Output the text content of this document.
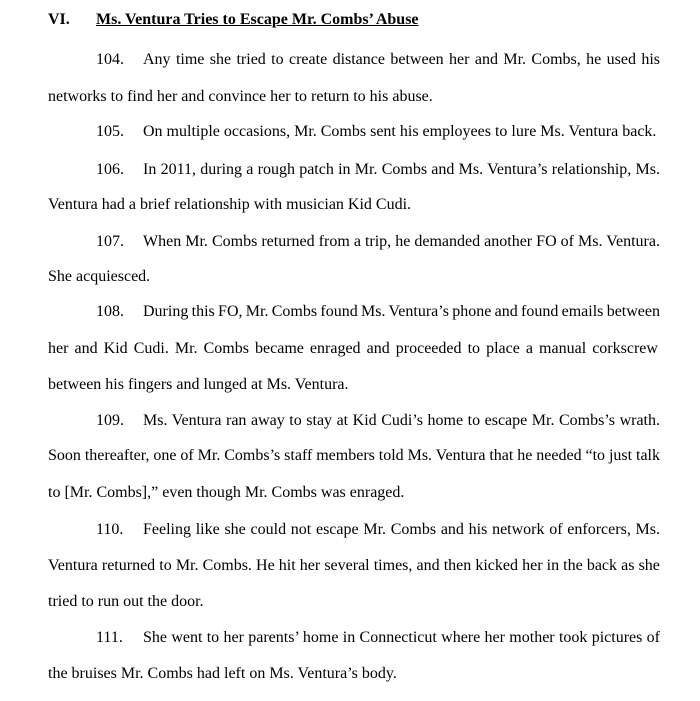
VI. Ms. Ventura Tries to Escape Mr. Combs’ Abuse
104. Any time she tried to create distance between her and Mr. Combs, he used his
networks to find her and convince her to return to his abuse.
105. On multiple occasions, Mr. Combs sent his employees to lure Ms. Ventura back.
106. In 2011, during a rough patch in Mr. Combs and Ms. Ventura’s relationship, Ms.
Ventura had a brief relationship with musician Kid Cudi.
107. When Mr. Combs returned from a trip, he demanded another FO of Ms. Ventura.
She acquiesced.
108. During this FO, Mr. Combs found Ms. Ventura’s phone and found emails between
her and Kid Cudi. Mr. Combs became enraged and proceeded to place a manual corkscrew
between his fingers and lunged at Ms. Ventura.
109. Ms. Ventura ran away to stay at Kid Cudi’s home to escape Mr. Combs’s wrath.
Soon thereafter, one of Mr. Combs’s staff members told Ms. Ventura that he needed “to just talk
to [Mr. Combs],” even though Mr. Combs was enraged.
110. Feeling like she could not escape Mr. Combs and his network of enforcers, Ms.
Ventura returned to Mr. Combs. He hit her several times, and then kicked her in the back as she
tried to run out the door.
111. She went to her parents’ home in Connecticut where her mother took pictures of
the bruises Mr. Combs had left on Ms. Ventura’s body.
